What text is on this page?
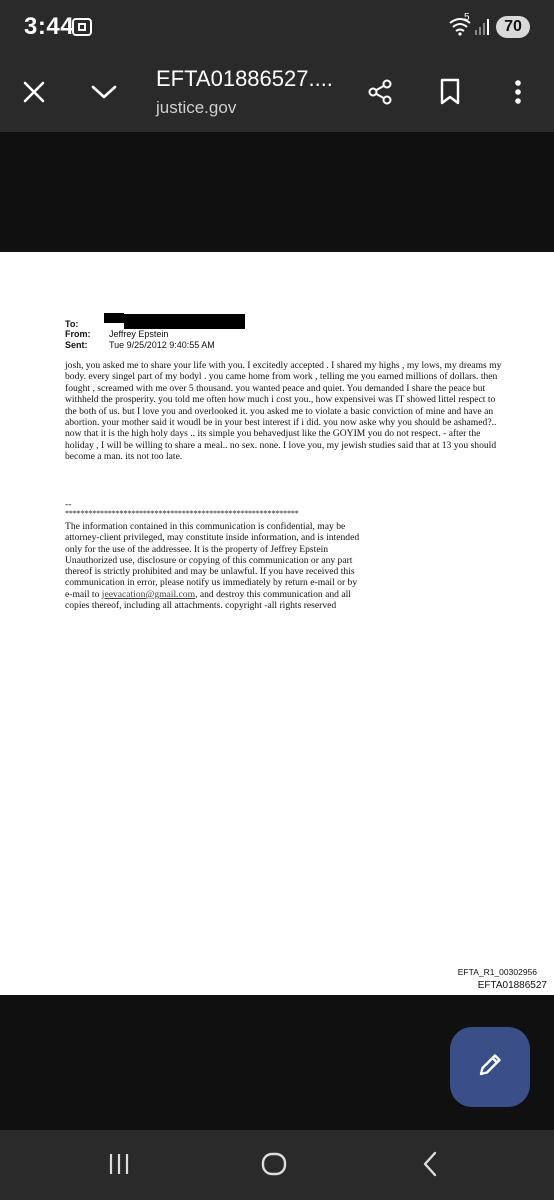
3:44	5
70
EFTA01886527....
justice.gov
To:
From:	Jeffrey Epstein
Sent:	Tue 9/25/2012 9:40:55 AM
josh, you asked me to share your life with you. I excitedly accepted . I shared my highs , my lows, my dreams my body. every singel part of my bodyl . you came home from work , telling me you earned millions of dollars. then fought , screamed with me over 5 thousand. you wanted peace and quiet. You demanded I share the peace but withheld the prosperity. you told me often how much i cost you., how expensivei was IT showed littel respect to the both of us. but I love you and overlooked it. you asked me to violate a basic conviction of mine and have an abortion. your mother said it woudl be in your best interest if i did. you now aske why you should be ashamed?.. now that it is the high holy days .. its simple you behavedjust like the GOYIM you do not respect. - after the holiday , I will be willing to share a meal.. no sex. none. I love you, my jewish studies said that at 13 you should become a man. its not too late.
--
************************************************************
The information contained in this communication is confidential, may be attorney-client privileged, may constitute inside information, and is intended only for the use of the addressee. It is the property of Jeffrey Epstein
Unauthorized use, disclosure or copying of this communication or any part thereof is strictly prohibited and may be unlawful. If you have received this communication in error, please notify us immediately by return e-mail or by e-mail to jeevacation@gmail.com, and destroy this communication and all copies thereof, including all attachments. copyright -all rights reserved
EFTA_R1_00302956
EFTA01886527
